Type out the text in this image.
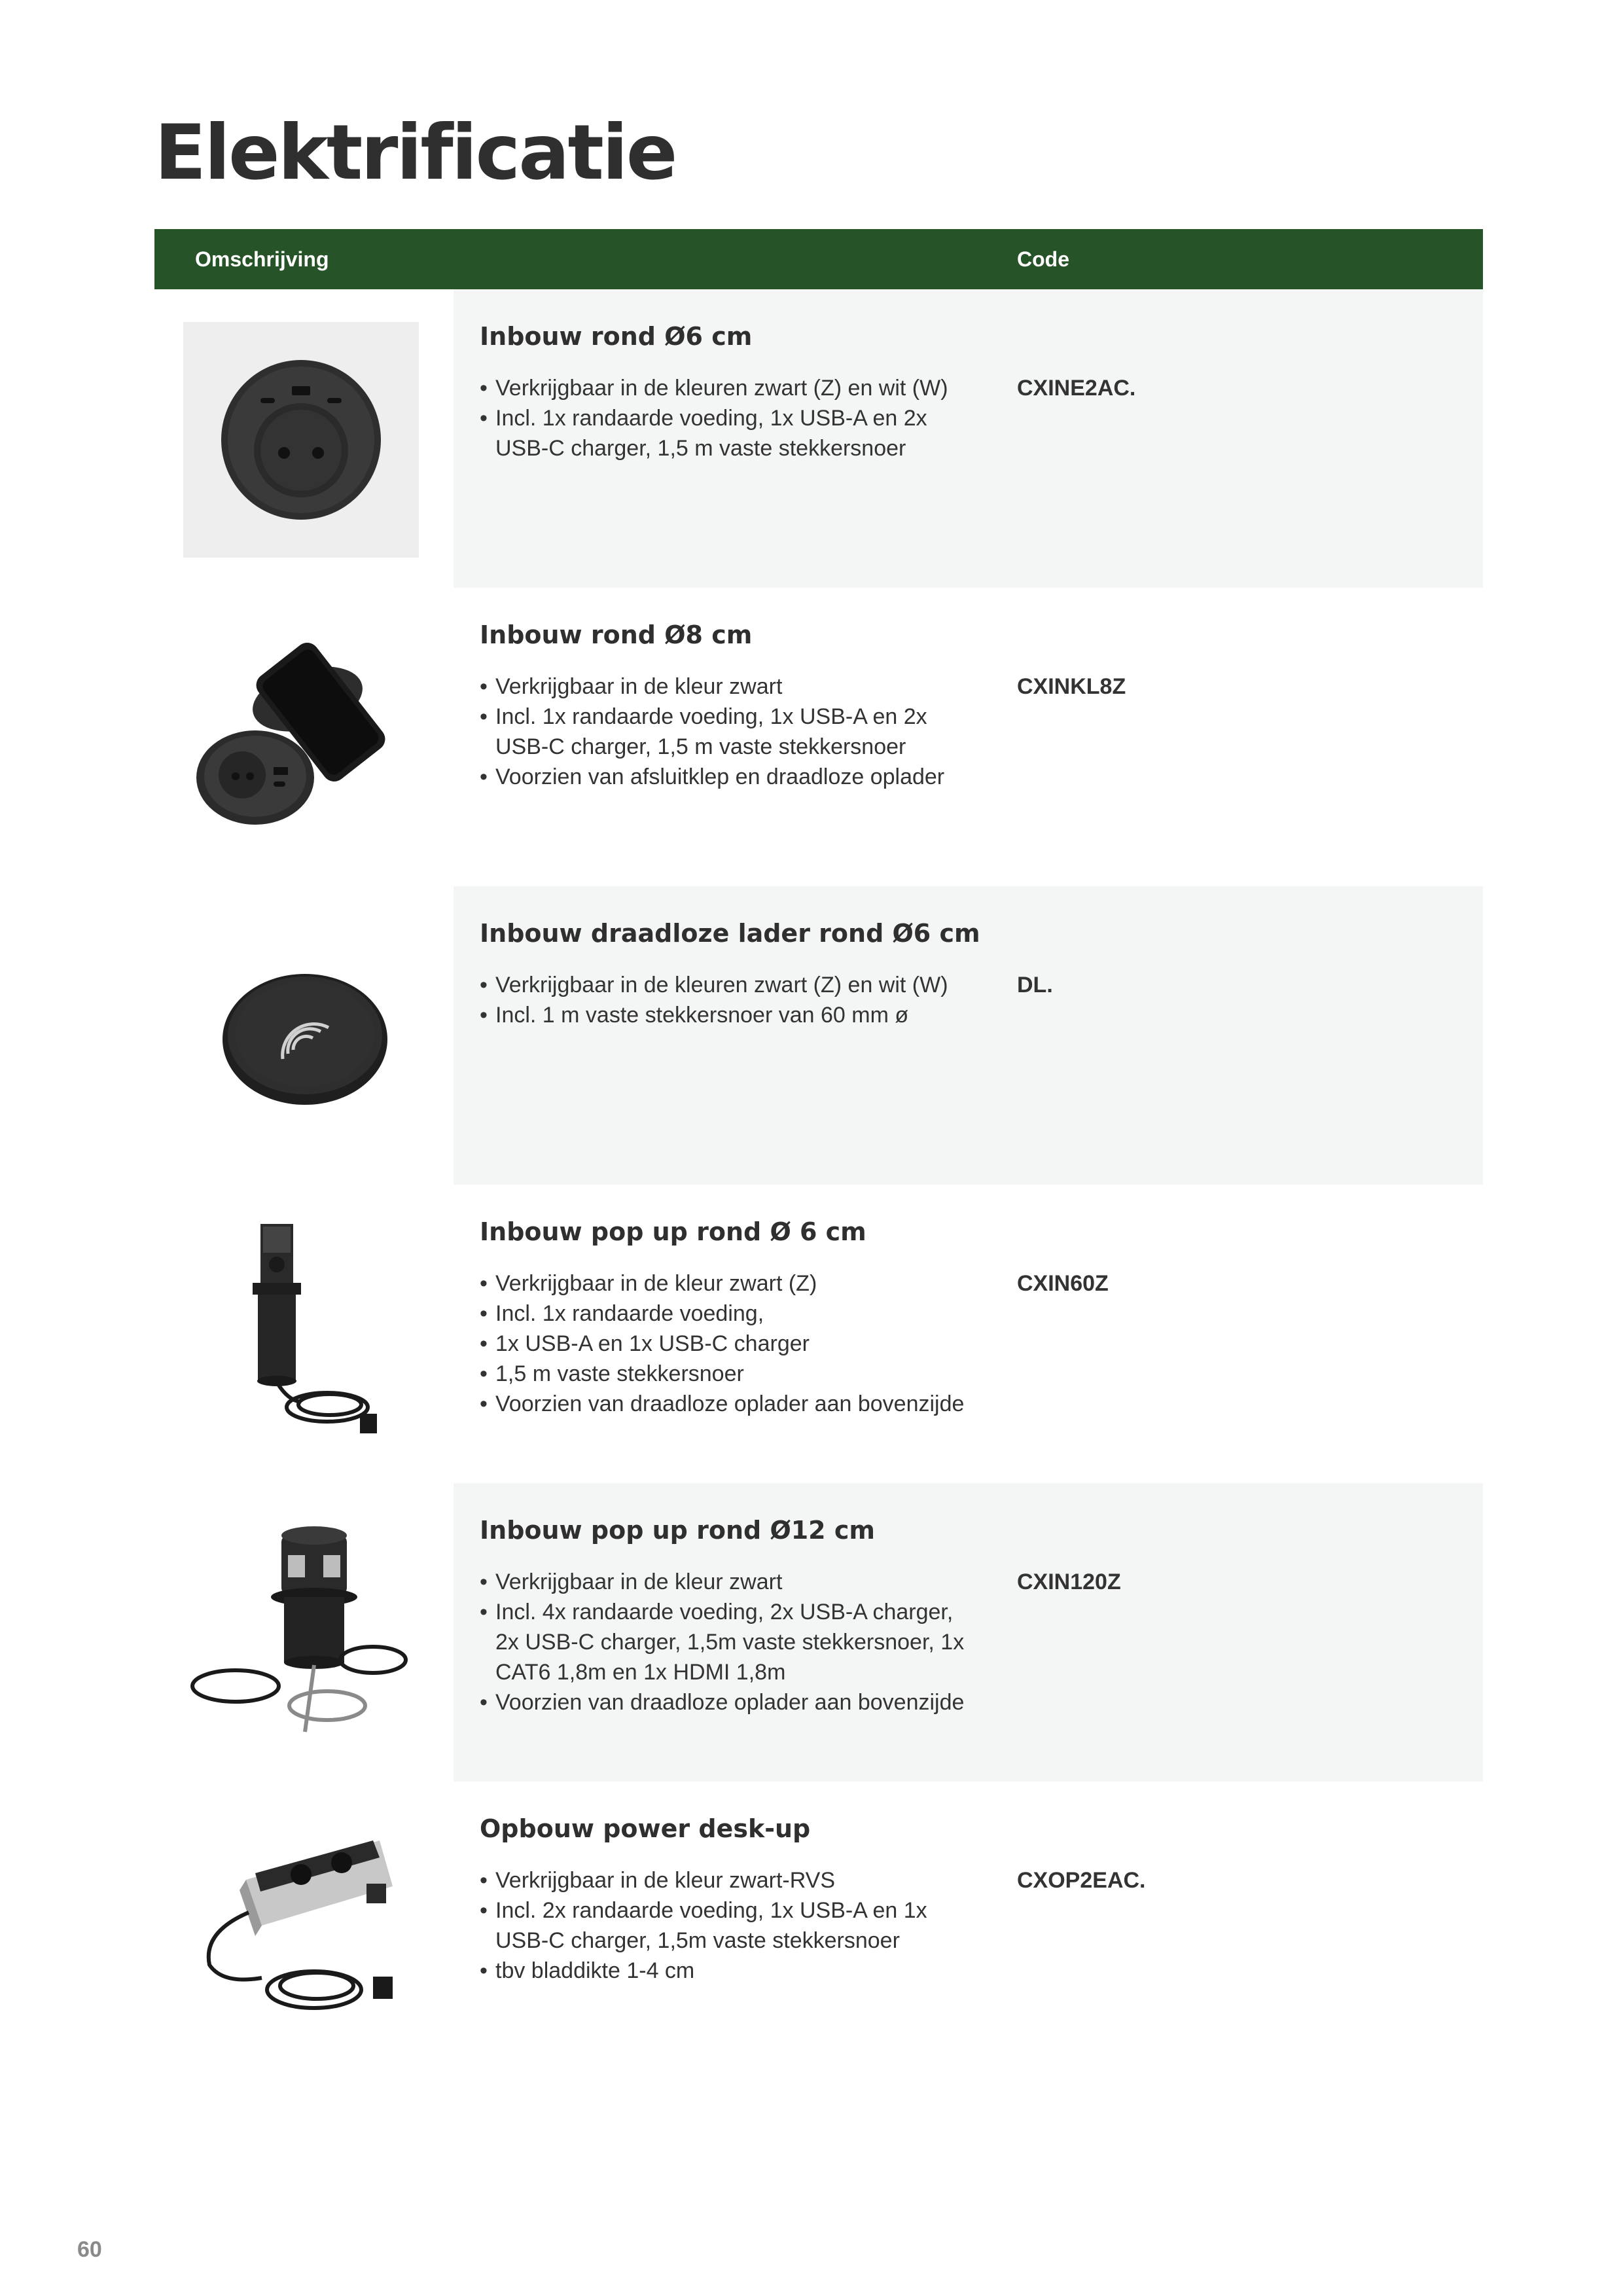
Elektrificatie
Omschrijving	Code
Inbouw rond Ø6 cm
• Verkrijgbaar in de kleuren zwart (Z) en wit (W)
• Incl. 1x randaarde voeding, 1x USB-A en 2x USB-C charger, 1,5 m vaste stekkersnoer
CXINE2AC.
Inbouw rond Ø8 cm
• Verkrijgbaar in de kleur zwart
• Incl. 1x randaarde voeding, 1x USB-A en 2x USB-C charger, 1,5 m vaste stekkersnoer
• Voorzien van afsluitklep en draadloze oplader
CXINKL8Z
Inbouw draadloze lader rond Ø6 cm
• Verkrijgbaar in de kleuren zwart (Z) en wit (W)
• Incl. 1 m vaste stekkersnoer van 60 mm ø
DL.
Inbouw pop up rond Ø 6 cm
• Verkrijgbaar in de kleur zwart (Z)
• Incl. 1x randaarde voeding,
• 1x USB-A en 1x USB-C charger
• 1,5 m vaste stekkersnoer
• Voorzien van draadloze oplader aan bovenzijde
CXIN60Z
Inbouw pop up rond Ø12 cm
• Verkrijgbaar in de kleur zwart
• Incl. 4x randaarde voeding, 2x USB-A charger, 2x USB-C charger, 1,5m vaste stekkersnoer, 1x CAT6 1,8m en 1x HDMI 1,8m
• Voorzien van draadloze oplader aan bovenzijde
CXIN120Z
Opbouw power desk-up
• Verkrijgbaar in de kleur zwart-RVS
• Incl. 2x randaarde voeding, 1x USB-A en 1x USB-C charger, 1,5m vaste stekkersnoer
• tbv bladdikte 1-4 cm
CXOP2EAC.
60
